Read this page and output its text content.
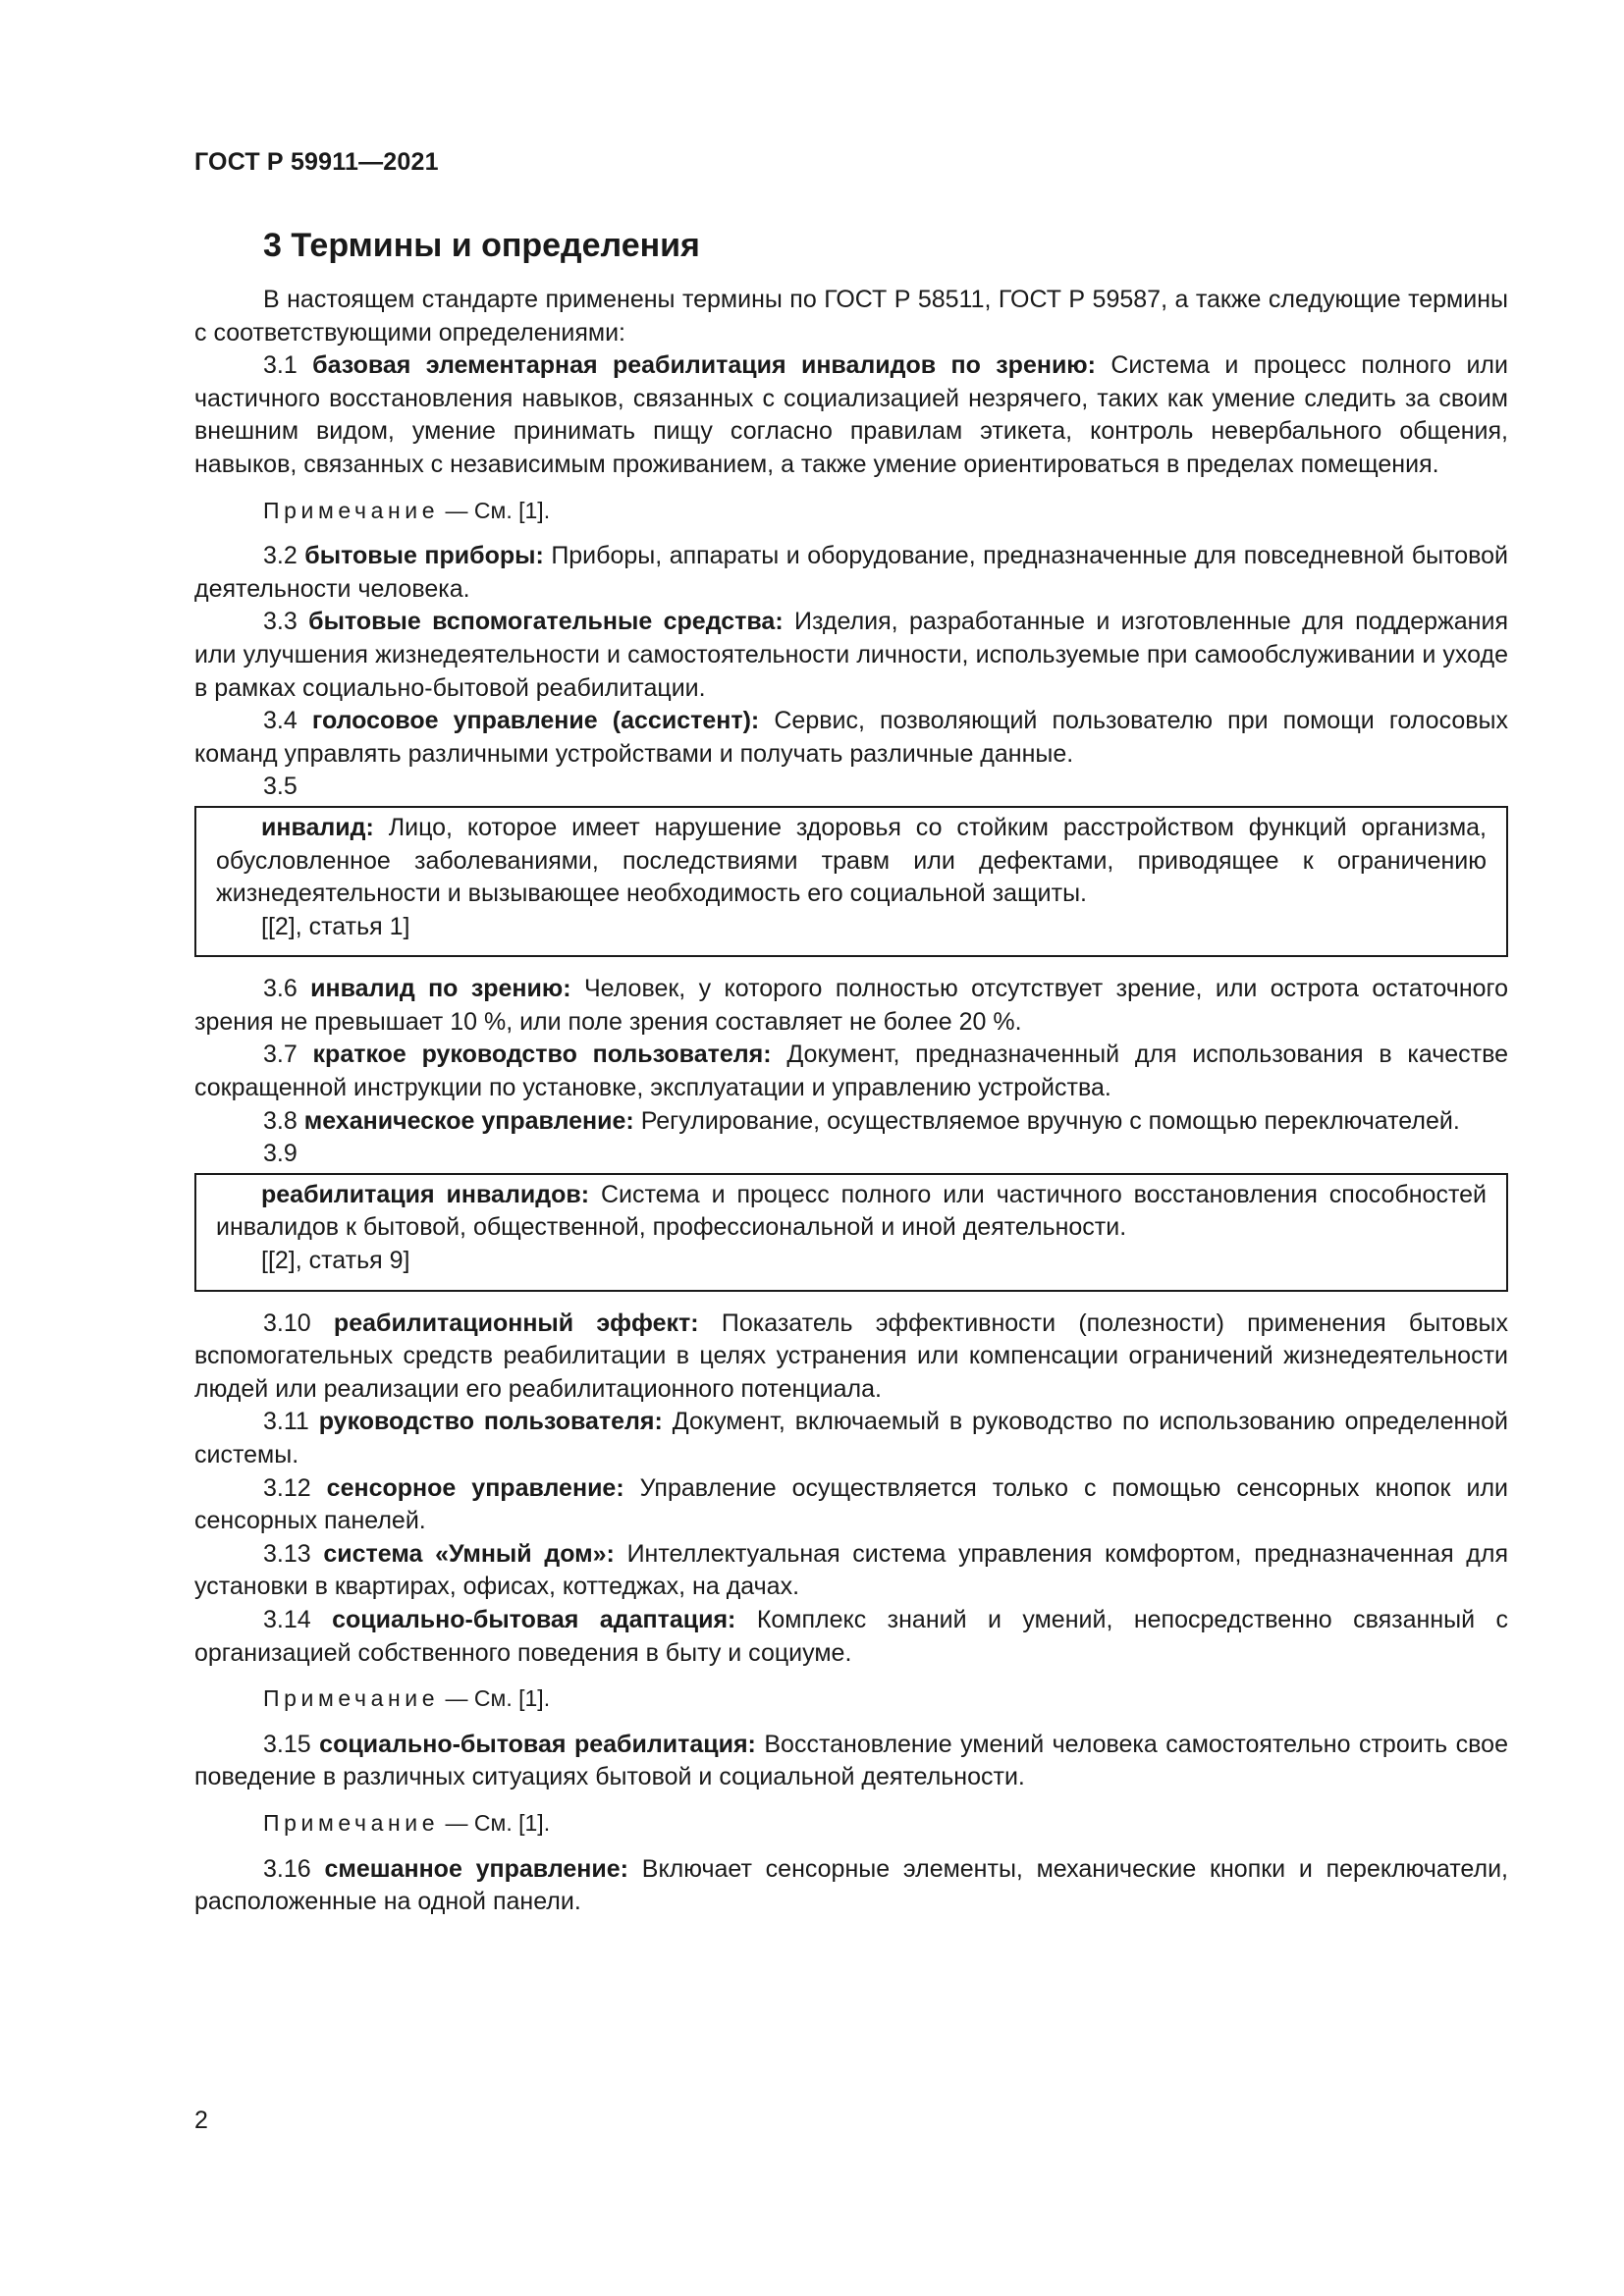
ГОСТ Р 59911—2021
3 Термины и определения

В настоящем стандарте применены термины по ГОСТ Р 58511, ГОСТ Р 59587, а также следующие термины с соответствующими определениями:

3.1 базовая элементарная реабилитация инвалидов по зрению: Система и процесс полного или частичного восстановления навыков, связанных с социализацией незрячего, таких как умение следить за своим внешним видом, умение принимать пищу согласно правилам этикета, контроль невербального общения, навыков, связанных с независимым проживанием, а также умение ориентироваться в пределах помещения.

Примечание — См. [1].

3.2 бытовые приборы: Приборы, аппараты и оборудование, предназначенные для повседневной бытовой деятельности человека.

3.3 бытовые вспомогательные средства: Изделия, разработанные и изготовленные для поддержания или улучшения жизнедеятельности и самостоятельности личности, используемые при самообслуживании и уходе в рамках социально-бытовой реабилитации.

3.4 голосовое управление (ассистент): Сервис, позволяющий пользователю при помощи голосовых команд управлять различными устройствами и получать различные данные.

3.5

инвалид: Лицо, которое имеет нарушение здоровья со стойким расстройством функций организма, обусловленное заболеваниями, последствиями травм или дефектами, приводящее к ограничению жизнедеятельности и вызывающее необходимость его социальной защиты.

[[2], статья 1]

3.6 инвалид по зрению: Человек, у которого полностью отсутствует зрение, или острота остаточного зрения не превышает 10 %, или поле зрения составляет не более 20 %.

3.7 краткое руководство пользователя: Документ, предназначенный для использования в качестве сокращенной инструкции по установке, эксплуатации и управлению устройства.

3.8 механическое управление: Регулирование, осуществляемое вручную с помощью переключателей.

3.9

реабилитация инвалидов: Система и процесс полного или частичного восстановления способностей инвалидов к бытовой, общественной, профессиональной и иной деятельности.

[[2], статья 9]

3.10 реабилитационный эффект: Показатель эффективности (полезности) применения бытовых вспомогательных средств реабилитации в целях устранения или компенсации ограничений жизнедеятельности людей или реализации его реабилитационного потенциала.

3.11 руководство пользователя: Документ, включаемый в руководство по использованию определенной системы.

3.12 сенсорное управление: Управление осуществляется только с помощью сенсорных кнопок или сенсорных панелей.

3.13 система «Умный дом»: Интеллектуальная система управления комфортом, предназначенная для установки в квартирах, офисах, коттеджах, на дачах.

3.14 социально-бытовая адаптация: Комплекс знаний и умений, непосредственно связанный с организацией собственного поведения в быту и социуме.

Примечание — См. [1].

3.15 социально-бытовая реабилитация: Восстановление умений человека самостоятельно строить свое поведение в различных ситуациях бытовой и социальной деятельности.

Примечание — См. [1].

3.16 смешанное управление: Включает сенсорные элементы, механические кнопки и переключатели, расположенные на одной панели.

2
